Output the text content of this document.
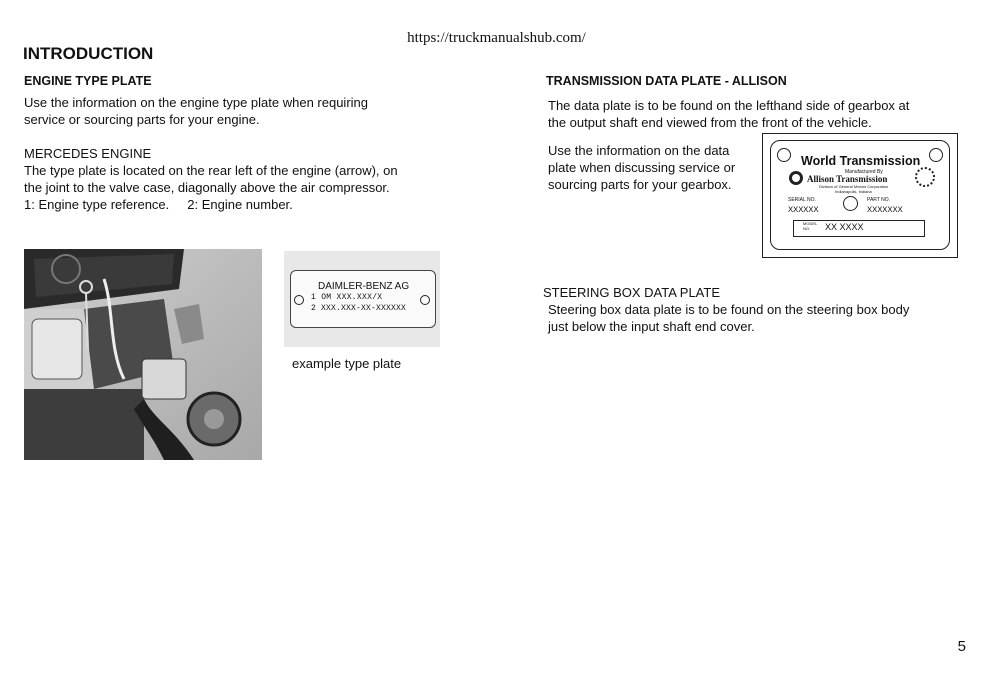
https://truckmanualshub.com/
INTRODUCTION
ENGINE TYPE PLATE
Use the information on the engine type plate when requiring
service or sourcing parts for your engine.
MERCEDES ENGINE
The type plate is located on the rear left of the engine (arrow), on
the joint to the valve case, diagonally above the air compressor.
1: Engine type reference. 2: Engine number.
DAIMLER-BENZ AG
1 OM XXX.XXX/X
2 XXX.XXX-XX-XXXXXX
example type plate
TRANSMISSION DATA PLATE - ALLISON
The data plate is to be found on the lefthand side of gearbox at
the output shaft end viewed from the front of the vehicle.
Use the information on the data
plate when discussing service or
sourcing parts for your gearbox.
World Transmission
Manufactured By
Allison Transmission
Division of General Motors Corporation
Indianapolis, Indiana
SERIAL NO.	PART NO.
XXXXXX	XXXXXXX
MODEL
NO.	XX XXXX
STEERING BOX DATA PLATE
Steering box data plate is to be found on the steering box body
just below the input shaft end cover.
5
